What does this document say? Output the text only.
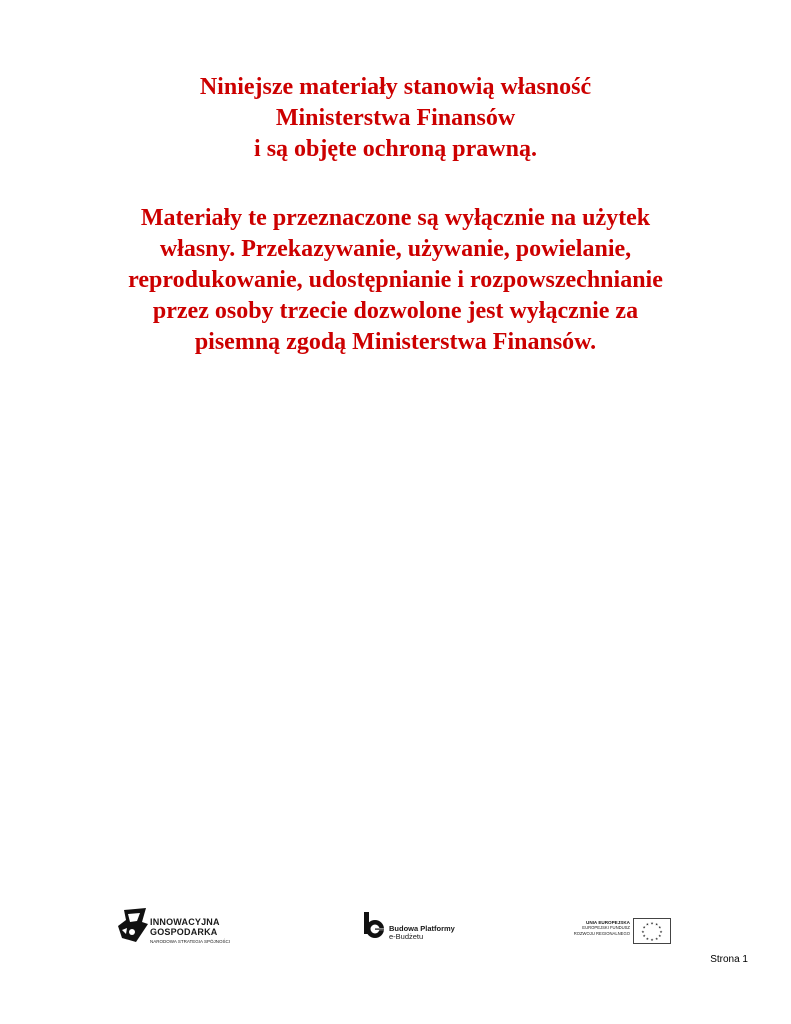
Niniejsze materiały stanowią własność

Ministerstwa Finansów

i są objęte ochroną prawną.

Materiały te przeznaczone są wyłącznie na użytek

własny. Przekazywanie, używanie, powielanie,

reprodukowanie, udostępnianie i rozpowszechnianie

przez osoby trzecie dozwolone jest wyłącznie za

pisemną zgodą Ministerstwa Finansów.

INNOWACYJNA
GOSPODARKA
NARODOWA STRATEGIA SPÓJNOŚCI
Budowa Platformy
e-Budżetu
UNIA EUROPEJSKA
EUROPEJSKI FUNDUSZ
ROZWOJU REGIONALNEGO
★ ★
★
★
★
★
★
★
★
★
★
★
Strona 1
